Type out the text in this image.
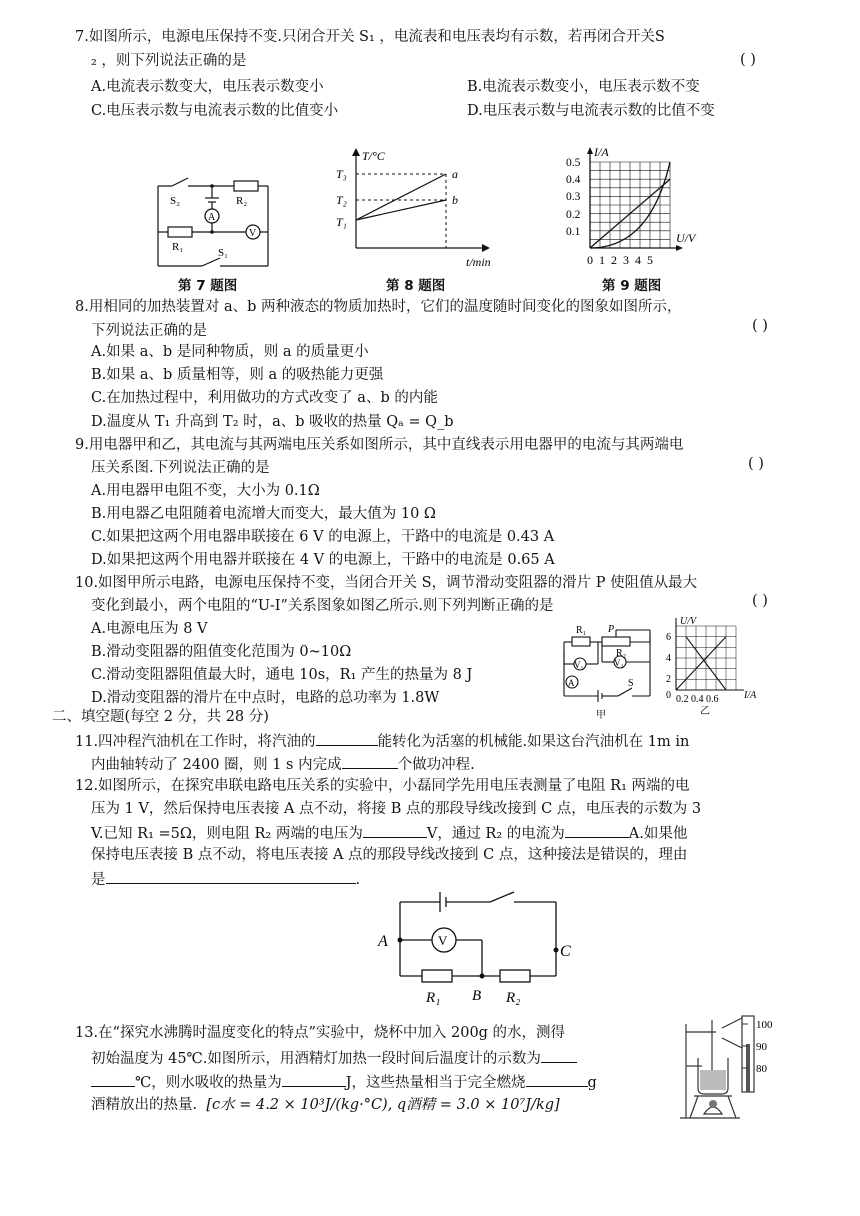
7.如图所示，电源电压保持不变.只闭合开关 S₁ ，电流表和电压表均有示数，若再闭合开关S
₂ ，则下列说法正确的是	( )
A.电流表示数变大，电压表示数变小	B.电流表示数变小，电压表示数不变
C.电压表示数与电流表示数的比值变小	D.电压表示数与电流表示数的比值不变
S₂	R₂
A
V
R₁	S₁
第 7 题图
T/°C
T₃
T₂
T₁
a
b
t/min
第 8 题图
I/A
U/V
0.5
0.4
0.3
0.2
0.1
0  1  2  3  4  5
第 9 题图
8.用相同的加热装置对 a、b 两种液态的物质加热时，它们的温度随时间变化的图象如图所示，
下列说法正确的是	( )
A.如果 a、b 是同种物质，则 a 的质量更小
B.如果 a、b 质量相等，则 a 的吸热能力更强
C.在加热过程中，利用做功的方式改变了 a、b 的内能
D.温度从 T₁ 升高到 T₂ 时，a、b 吸收的热量 Qₐ = Q_b
9.用电器甲和乙，其电流与其两端电压关系如图所示，其中直线表示用电器甲的电流与其两端电
压关系图.下列说法正确的是	( )
A.用电器甲电阻不变，大小为 0.1Ω
B.用电器乙电阻随着电流增大而变大，最大值为 10 Ω
C.如果把这两个用电器串联接在 6 V 的电源上，干路中的电流是 0.43 A
D.如果把这两个用电器并联接在 4 V 的电源上，干路中的电流是 0.65 A
10.如图甲所示电路，电源电压保持不变，当闭合开关 S，调节滑动变阻器的滑片 P 使阻值从最大
变化到最小，两个电阻的“U-I”关系图象如图乙所示.则下列判断正确的是	( )
A.电源电压为 8 V
B.滑动变阻器的阻值变化范围为 0~10Ω
C.滑动变阻器阻值最大时，通电 10s，R₁ 产生的热量为 8 J
D.滑动变阻器的滑片在中点时，电路的总功率为 1.8W
R₁ P
R₂
V₁	V₂
A	S
甲
U/V
I/A
6
4
2
0 0.2 0.4 0.6
乙
二、填空题(每空 2 分，共 28 分)
11.四冲程汽油机在工作时，将汽油的	能转化为活塞的机械能.如果这台汽油机在 1m in
内曲轴转动了 2400 圈，则 1 s 内完成	个做功冲程.
12.如图所示，在探究串联电路电压关系的实验中，小磊同学先用电压表测量了电阻 R₁ 两端的电
压为 1 V，然后保持电压表接 A 点不动，将接 B 点的那段导线改接到 C 点，电压表的示数为 3
V.已知 R₁ =5Ω，则电阻 R₂ 两端的电压为	V，通过 R₂ 的电流为	A.如果他
保持电压表接 B 点不动，将电压表接 A 点的那段导线改接到 C 点，这种接法是错误的，理由
是	.
A	V
C
R₁ B R₂
13.在“探究水沸腾时温度变化的特点”实验中，烧杯中加入 200g 的水，测得
初始温度为 45℃.如图所示，用酒精灯加热一段时间后温度计的示数为
℃，则水吸收的热量为	J，这些热量相当于完全燃烧	g
酒精放出的热量. [c水 = 4.2 × 10³J/(kg·°C), q酒精 = 3.0 × 10⁷J/kg]
100
90
80
